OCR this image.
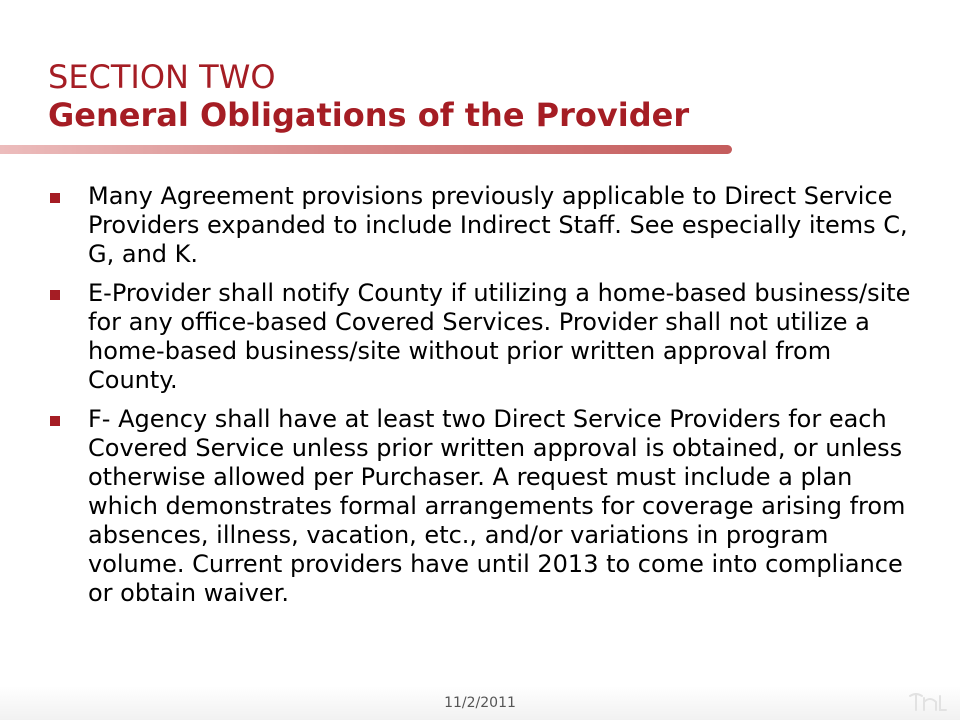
SECTION TWO
General Obligations of the Provider
Many Agreement provisions previously applicable to Direct Service Providers expanded to include Indirect Staff. See especially items C, G, and K.
E-Provider shall notify County if utilizing a home-based business/site for any office-based Covered Services. Provider shall not utilize a home-based business/site without prior written approval from County.
F- Agency shall have at least two Direct Service Providers for each Covered Service unless prior written approval is obtained, or unless otherwise allowed per Purchaser. A request must include a plan which demonstrates formal arrangements for coverage arising from absences, illness, vacation, etc., and/or variations in program volume. Current providers have until 2013 to come into compliance or obtain waiver.
11/2/2011
